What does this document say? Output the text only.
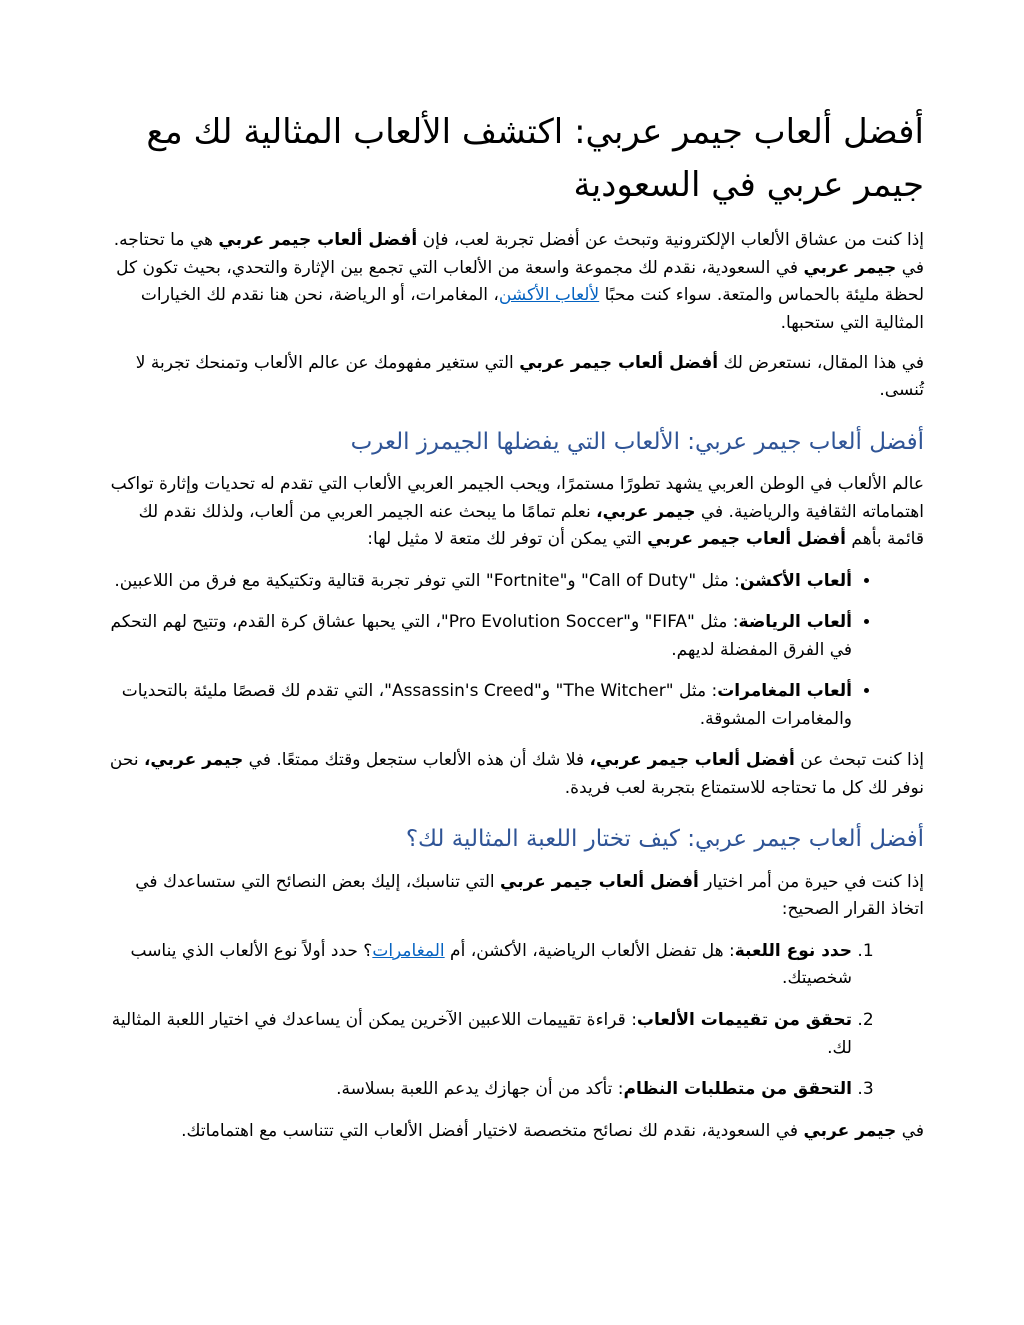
أفضل ألعاب جيمر عربي: اكتشف الألعاب المثالية لك مع جيمر عربي في السعودية

إذا كنت من عشاق الألعاب الإلكترونية وتبحث عن أفضل تجربة لعب، فإن أفضل ألعاب جيمر عربي هي ما تحتاجه. في جيمر عربي في السعودية، نقدم لك مجموعة واسعة من الألعاب التي تجمع بين الإثارة والتحدي، بحيث تكون كل لحظة مليئة بالحماس والمتعة. سواء كنت محبًا لألعاب الأكشن، المغامرات، أو الرياضة، نحن هنا نقدم لك الخيارات المثالية التي ستحبها.

في هذا المقال، نستعرض لك أفضل ألعاب جيمر عربي التي ستغير مفهومك عن عالم الألعاب وتمنحك تجربة لا تُنسى.

أفضل ألعاب جيمر عربي: الألعاب التي يفضلها الجيمرز العرب

عالم الألعاب في الوطن العربي يشهد تطورًا مستمرًا، ويحب الجيمر العربي الألعاب التي تقدم له تحديات وإثارة تواكب اهتماماته الثقافية والرياضية. في جيمر عربي، نعلم تمامًا ما يبحث عنه الجيمر العربي من ألعاب، ولذلك نقدم لك قائمة بأهم أفضل ألعاب جيمر عربي التي يمكن أن توفر لك متعة لا مثيل لها:

• ألعاب الأكشن: مثل "Call of Duty" و"Fortnite" التي توفر تجربة قتالية وتكتيكية مع فرق من اللاعبين.
• ألعاب الرياضة: مثل "FIFA" و"Pro Evolution Soccer"، التي يحبها عشاق كرة القدم، وتتيح لهم التحكم في الفرق المفضلة لديهم.
• ألعاب المغامرات: مثل "The Witcher" و"Assassin's Creed"، التي تقدم لك قصصًا مليئة بالتحديات والمغامرات المشوقة.

إذا كنت تبحث عن أفضل ألعاب جيمر عربي، فلا شك أن هذه الألعاب ستجعل وقتك ممتعًا. في جيمر عربي، نحن نوفر لك كل ما تحتاجه للاستمتاع بتجربة لعب فريدة.

أفضل ألعاب جيمر عربي: كيف تختار اللعبة المثالية لك؟

إذا كنت في حيرة من أمر اختيار أفضل ألعاب جيمر عربي التي تناسبك، إليك بعض النصائح التي ستساعدك في اتخاذ القرار الصحيح:

1. حدد نوع اللعبة: هل تفضل الألعاب الرياضية، الأكشن، أم المغامرات؟ حدد أولاً نوع الألعاب الذي يناسب شخصيتك.
2. تحقق من تقييمات الألعاب: قراءة تقييمات اللاعبين الآخرين يمكن أن يساعدك في اختيار اللعبة المثالية لك.
3. التحقق من متطلبات النظام: تأكد من أن جهازك يدعم اللعبة بسلاسة.

في جيمر عربي في السعودية، نقدم لك نصائح متخصصة لاختيار أفضل الألعاب التي تتناسب مع اهتماماتك.
